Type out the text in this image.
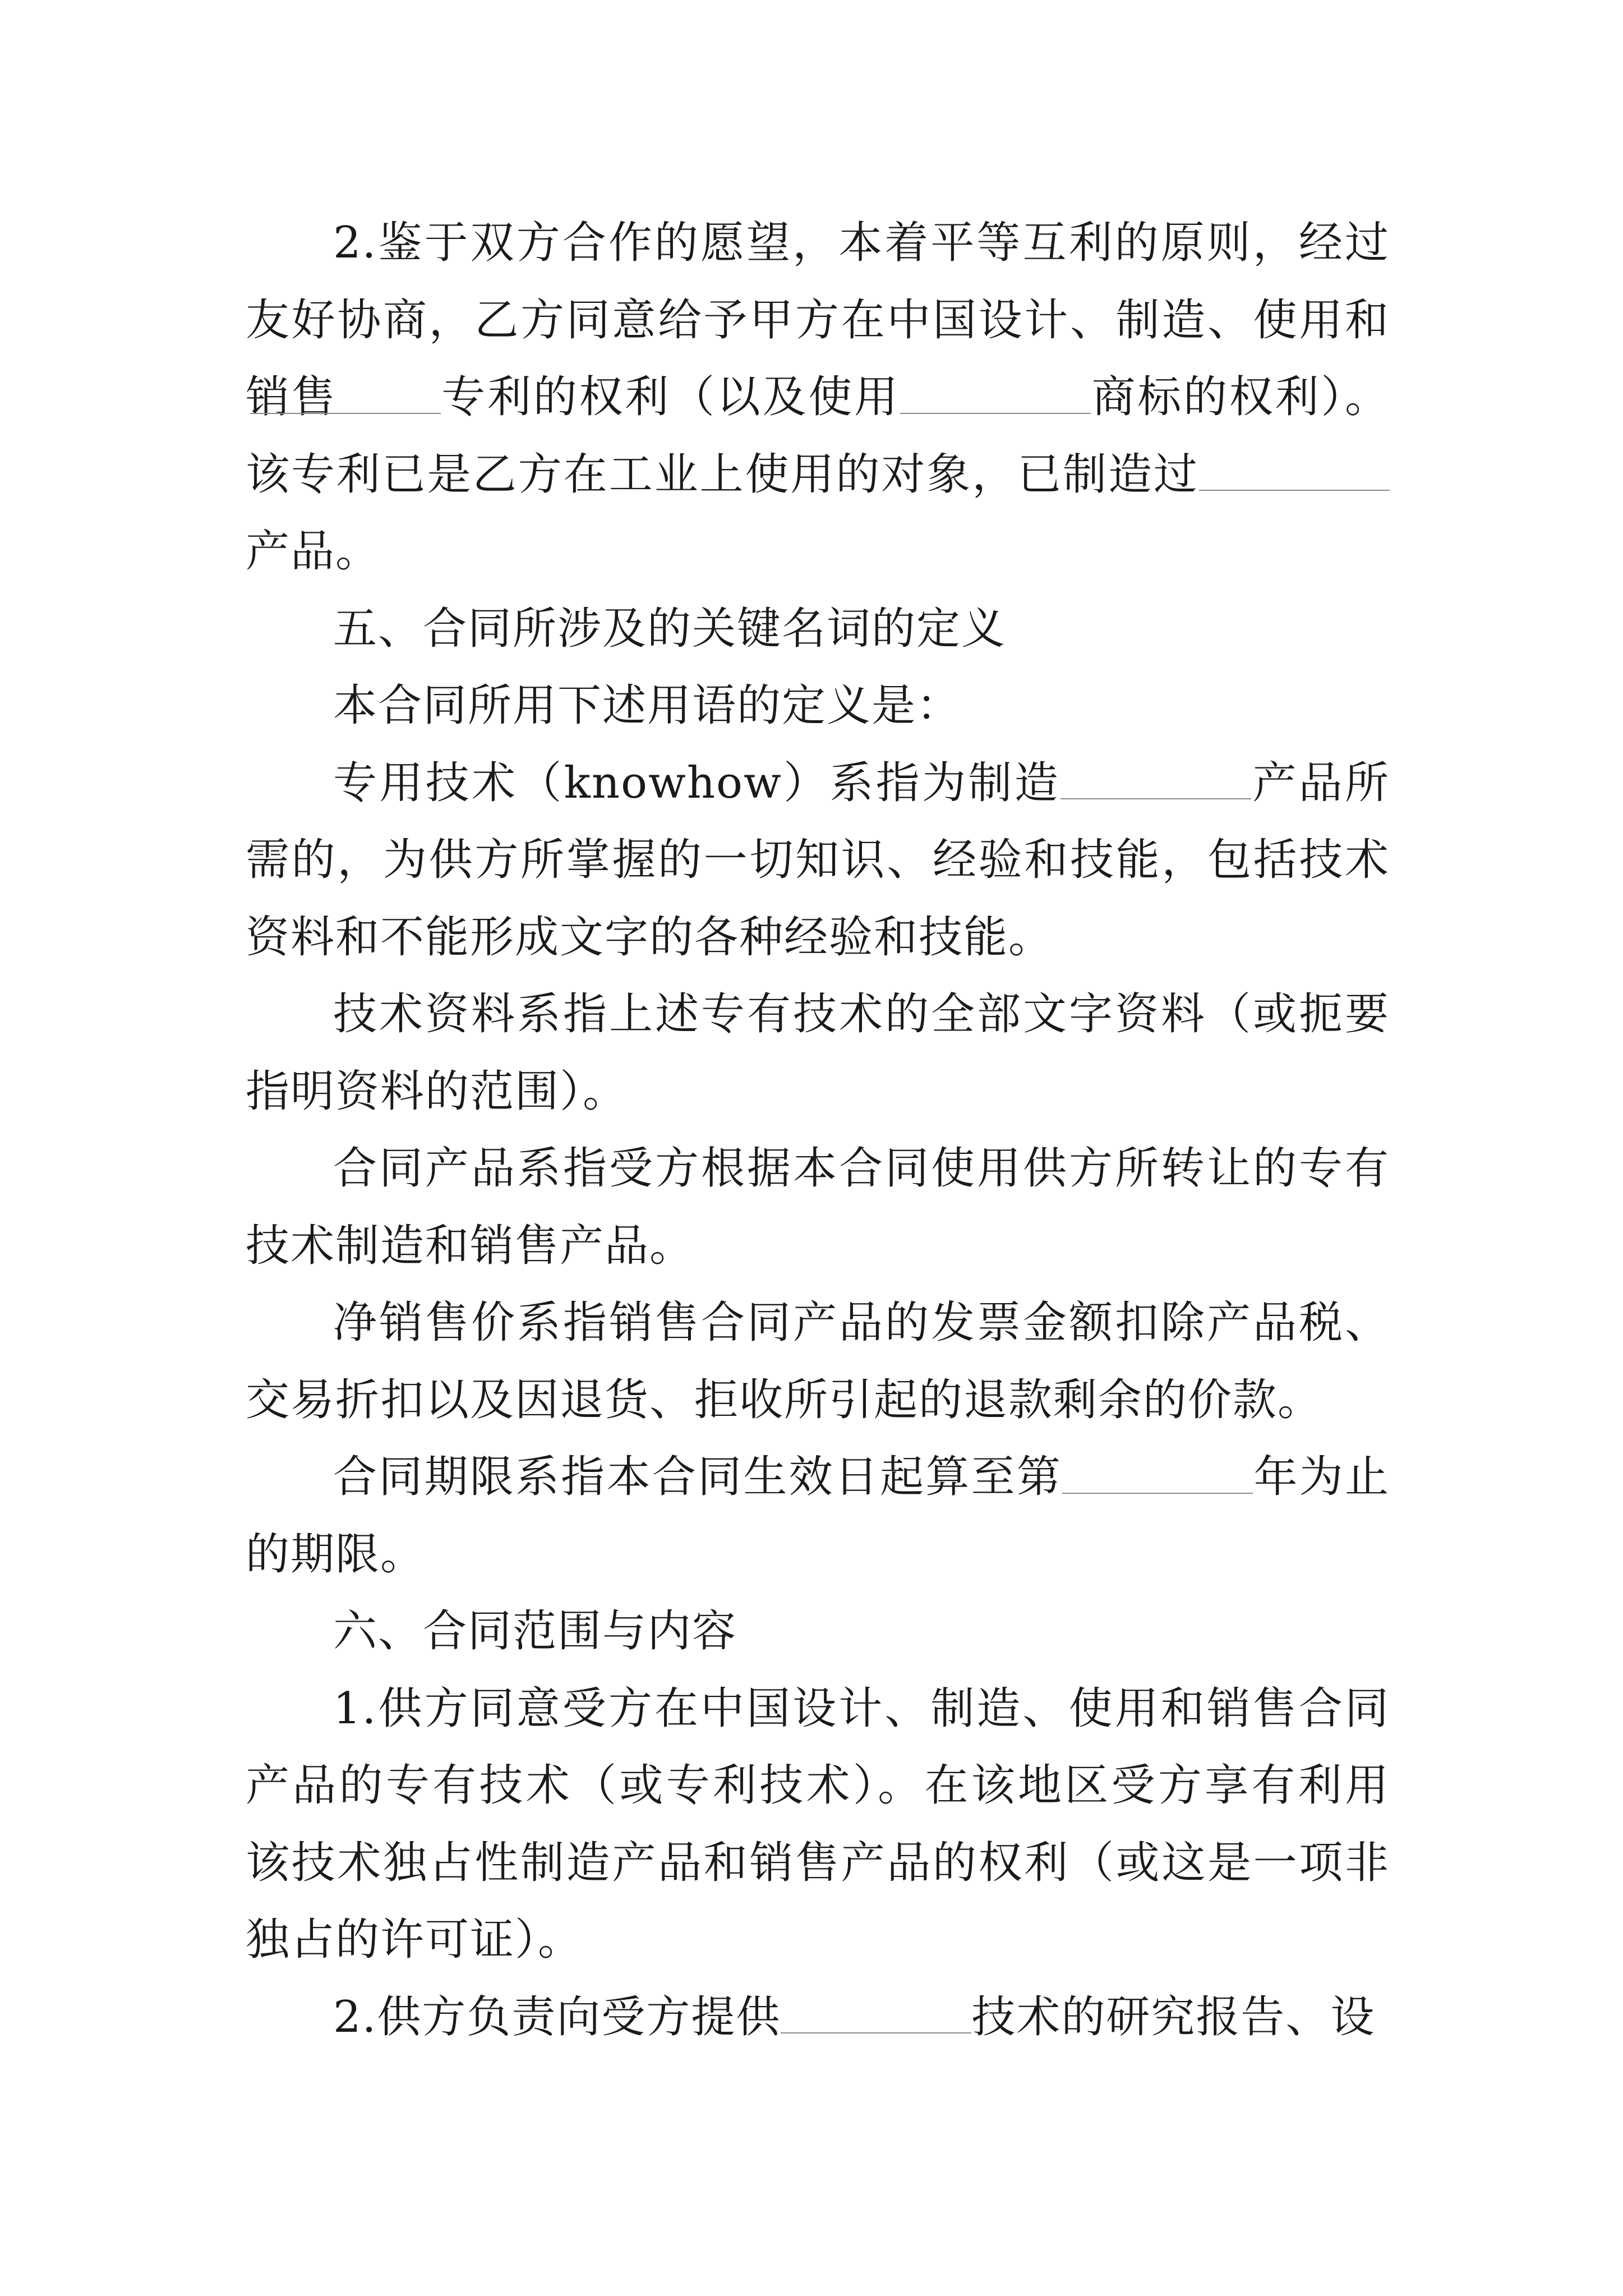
2.鉴于双方合作的愿望，本着平等互利的原则，经过友好协商，乙方同意给予甲方在中国设计、制造、使用和销售 专利的权利（以及使用	商标的权利）。该专利已是乙方在工业上使用的对象，已制造过产品。

五、合同所涉及的关键名词的定义

本合同所用下述用语的定义是：

专用技术（knowhow）系指为制造	产品所需的，为供方所掌握的一切知识、经验和技能，包括技术资料和不能形成文字的各种经验和技能。

技术资料系指上述专有技术的全部文字资料（或扼要指明资料的范围）。

合同产品系指受方根据本合同使用供方所转让的专有技术制造和销售产品。

净销售价系指销售合同产品的发票金额扣除产品税、交易折扣以及因退货、拒收所引起的退款剩余的价款。

合同期限系指本合同生效日起算至第	年为止的期限。

六、合同范围与内容

1.供方同意受方在中国设计、制造、使用和销售合同产品的专有技术（或专利技术）。在该地区受方享有利用该技术独占性制造产品和销售产品的权利（或这是一项非独占的许可证）。

2.供方负责向受方提供	技术的研究报告、设
